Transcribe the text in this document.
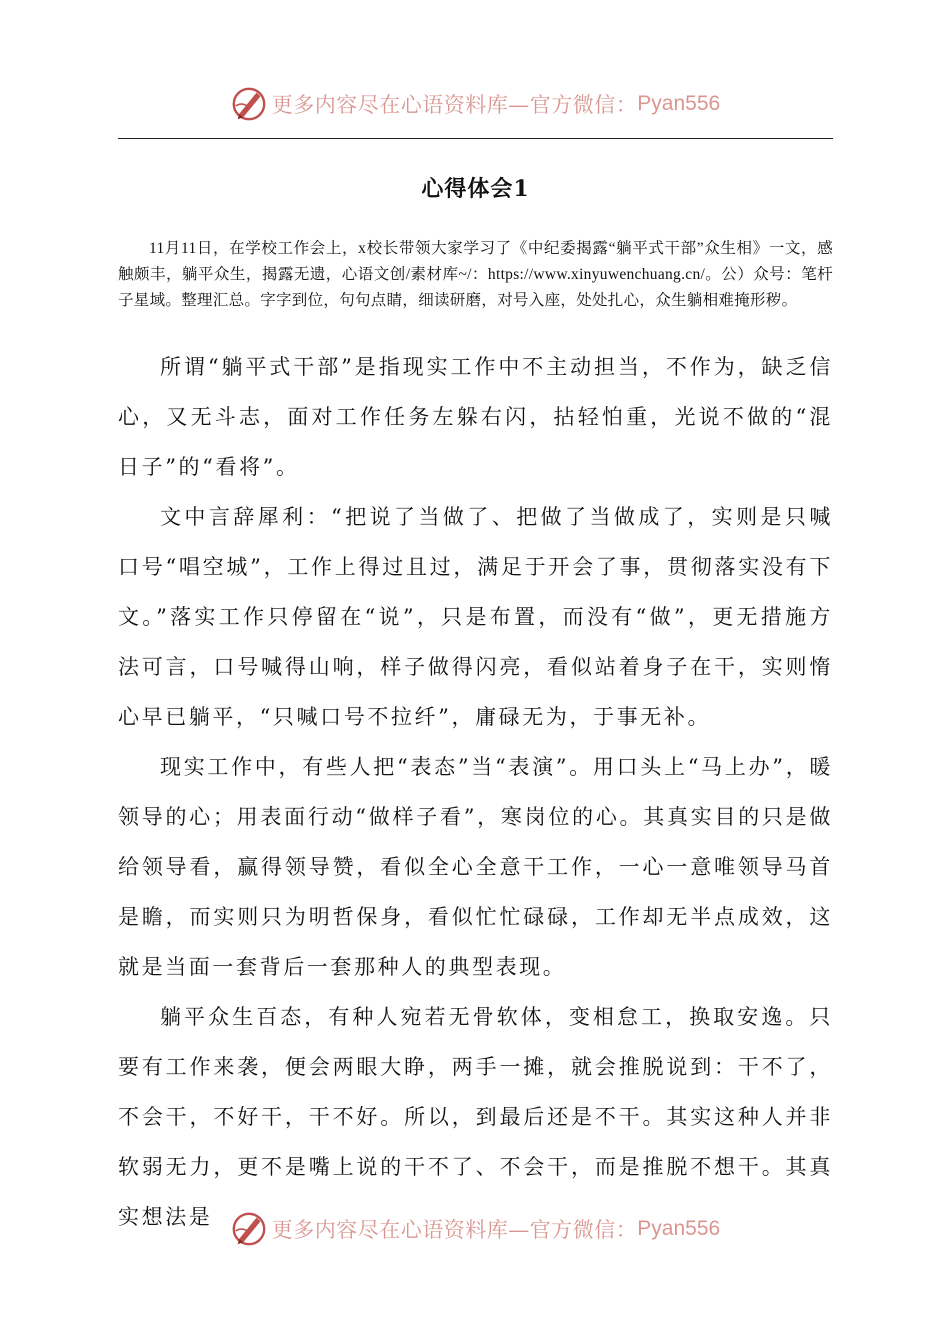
更多内容尽在心语资料库—官方微信： Pyan556
心得体会1
11月11日，在学校工作会上，x校长带领大家学习了《中纪委揭露“躺平式干部”众生相》一文，感触颇丰，躺平众生，揭露无遗，心语文创/素材库~/：https://www.xinyuwenchuang.cn/。公）众号：笔杆子星域。整理汇总。字字到位，句句点睛，细读研磨，对号入座，处处扎心，众生躺相难掩形秽。

所谓“躺平式干部”是指现实工作中不主动担当，不作为，缺乏信心，又无斗志，面对工作任务左躲右闪，拈轻怕重，光说不做的“混日子”的“看将”。

文中言辞犀利：“把说了当做了、把做了当做成了，实则是只喊口号“唱空城”，工作上得过且过，满足于开会了事，贯彻落实没有下文。”落实工作只停留在“说”，只是布置，而没有“做”，更无措施方法可言，口号喊得山响，样子做得闪亮，看似站着身子在干，实则惰心早已躺平，“只喊口号不拉纤”，庸碌无为，于事无补。

现实工作中，有些人把“表态”当“表演”。用口头上“马上办”，暖领导的心；用表面行动“做样子看”，寒岗位的心。其真实目的只是做给领导看，赢得领导赞，看似全心全意干工作，一心一意唯领导马首是瞻，而实则只为明哲保身，看似忙忙碌碌，工作却无半点成效，这就是当面一套背后一套那种人的典型表现。

躺平众生百态，有种人宛若无骨软体，变相怠工，换取安逸。只要有工作来袭，便会两眼大睁，两手一摊，就会推脱说到：干不了，不会干，不好干，干不好。所以，到最后还是不干。其实这种人并非软弱无力，更不是嘴上说的干不了、不会干，而是推脱不想干。其真实想法是

更多内容尽在心语资料库—官方微信： Pyan556
